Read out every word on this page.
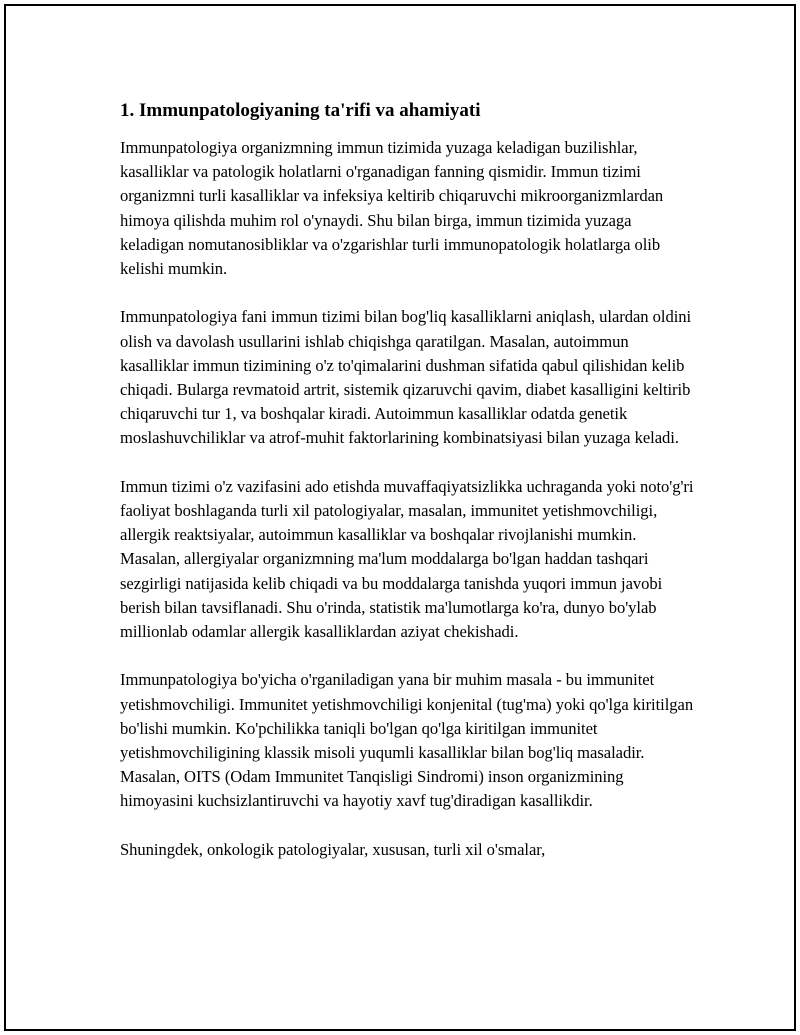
1. Immunpatologiyaning ta'rifi va ahamiyati

Immunpatologiya organizmning immun tizimida yuzaga keladigan buzilishlar, kasalliklar va patologik holatlarni o'rganadigan fanning qismidir. Immun tizimi organizmni turli kasalliklar va infeksiya keltirib chiqaruvchi mikroorganizmlardan himoya qilishda muhim rol o'ynaydi. Shu bilan birga, immun tizimida yuzaga keladigan nomutanosibliklar va o'zgarishlar turli immunopatologik holatlarga olib kelishi mumkin.

Immunpatologiya fani immun tizimi bilan bog'liq kasalliklarni aniqlash, ulardan oldini olish va davolash usullarini ishlab chiqishga qaratilgan. Masalan, autoimmun kasalliklar immun tizimining o'z to'qimalarini dushman sifatida qabul qilishidan kelib chiqadi. Bularga revmatoid artrit, sistemik qizaruvchi qavim, diabet kasalligini keltirib chiqaruvchi tur 1, va boshqalar kiradi. Autoimmun kasalliklar odatda genetik moslashuvchiliklar va atrof-muhit faktorlarining kombinatsiyasi bilan yuzaga keladi.

Immun tizimi o'z vazifasini ado etishda muvaffaqiyatsizlikka uchraganda yoki noto'g'ri faoliyat boshlaganda turli xil patologiyalar, masalan, immunitet yetishmovchiligi, allergik reaktsiyalar, autoimmun kasalliklar va boshqalar rivojlanishi mumkin. Masalan, allergiyalar organizmning ma'lum moddalarga bo'lgan haddan tashqari sezgirligi natijasida kelib chiqadi va bu moddalarga tanishda yuqori immun javobi berish bilan tavsiflanadi. Shu o'rinda, statistik ma'lumotlarga ko'ra, dunyo bo'ylab millionlab odamlar allergik kasalliklardan aziyat chekishadi.

Immunpatologiya bo'yicha o'rganiladigan yana bir muhim masala - bu immunitet yetishmovchiligi. Immunitet yetishmovchiligi konjenital (tug'ma) yoki qo'lga kiritilgan bo'lishi mumkin. Ko'pchilikka taniqli bo'lgan qo'lga kiritilgan immunitet yetishmovchiligining klassik misoli yuqumli kasalliklar bilan bog'liq masaladir. Masalan, OITS (Odam Immunitet Tanqisligi Sindromi) inson organizmining himoyasini kuchsizlantiruvchi va hayotiy xavf tug'diradigan kasallikdir.

Shuningdek, onkologik patologiyalar, xususan, turli xil o'smalar,
